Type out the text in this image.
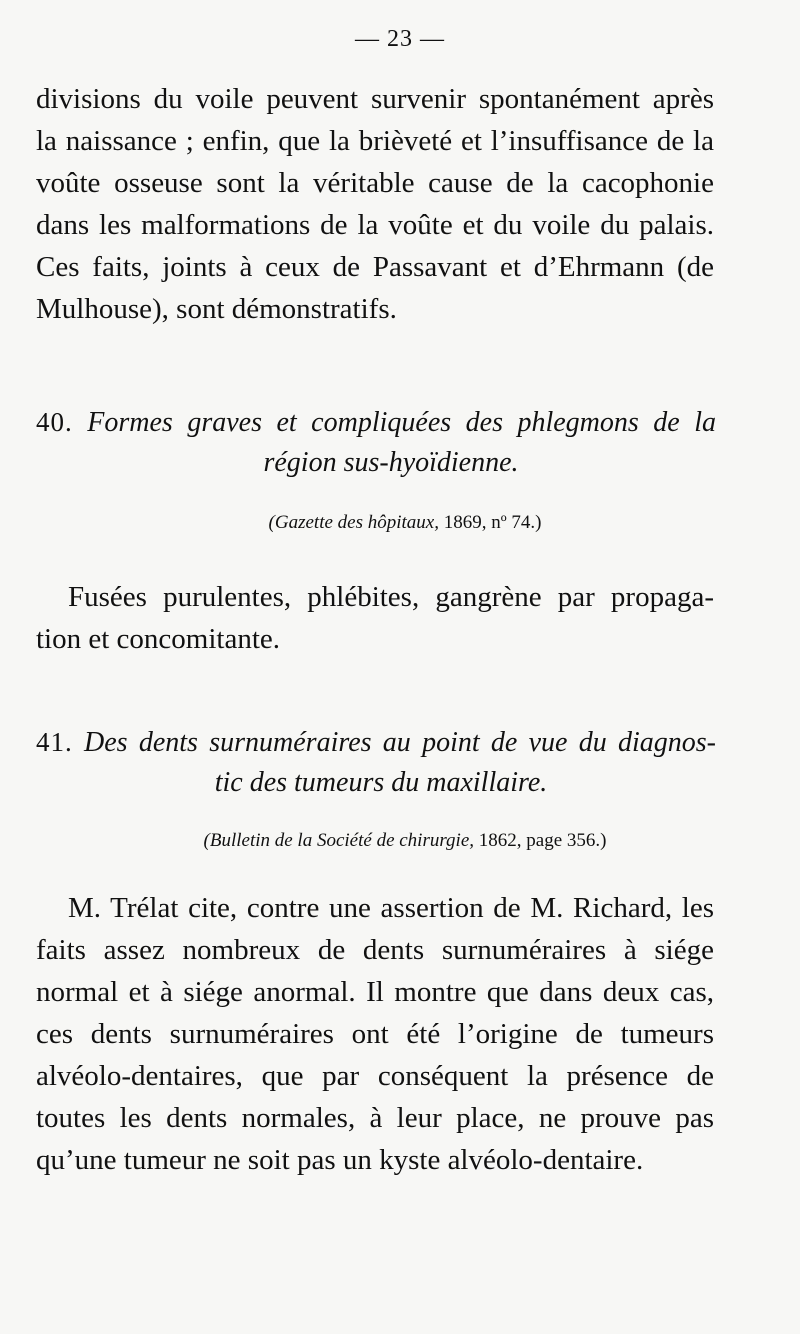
— 23 —
divisions du voile peuvent survenir spontanément après
la naissance ; enfin, que la brièveté et l’insuffisance de la
voûte osseuse sont la véritable cause de la cacophonie
dans les malformations de la voûte et du voile du palais.
Ces faits, joints à ceux de Passavant et d’Ehrmann (de
Mulhouse), sont démonstratifs.
40. Formes graves et compliquées des phlegmons de la
région sus-hyoïdienne.
(Gazette des hôpitaux, 1869, nº 74.)
Fusées purulentes, phlébites, gangrène par propaga-
tion et concomitante.
41. Des dents surnuméraires au point de vue du diagnos-
tic des tumeurs du maxillaire.
(Bulletin de la Société de chirurgie, 1862, page 356.)
M. Trélat cite, contre une assertion de M. Richard, les
faits assez nombreux de dents surnuméraires à siége
normal et à siége anormal. Il montre que dans deux cas,
ces dents surnuméraires ont été l’origine de tumeurs
alvéolo-dentaires, que par conséquent la présence de
toutes les dents normales, à leur place, ne prouve pas
qu’une tumeur ne soit pas un kyste alvéolo-dentaire.
